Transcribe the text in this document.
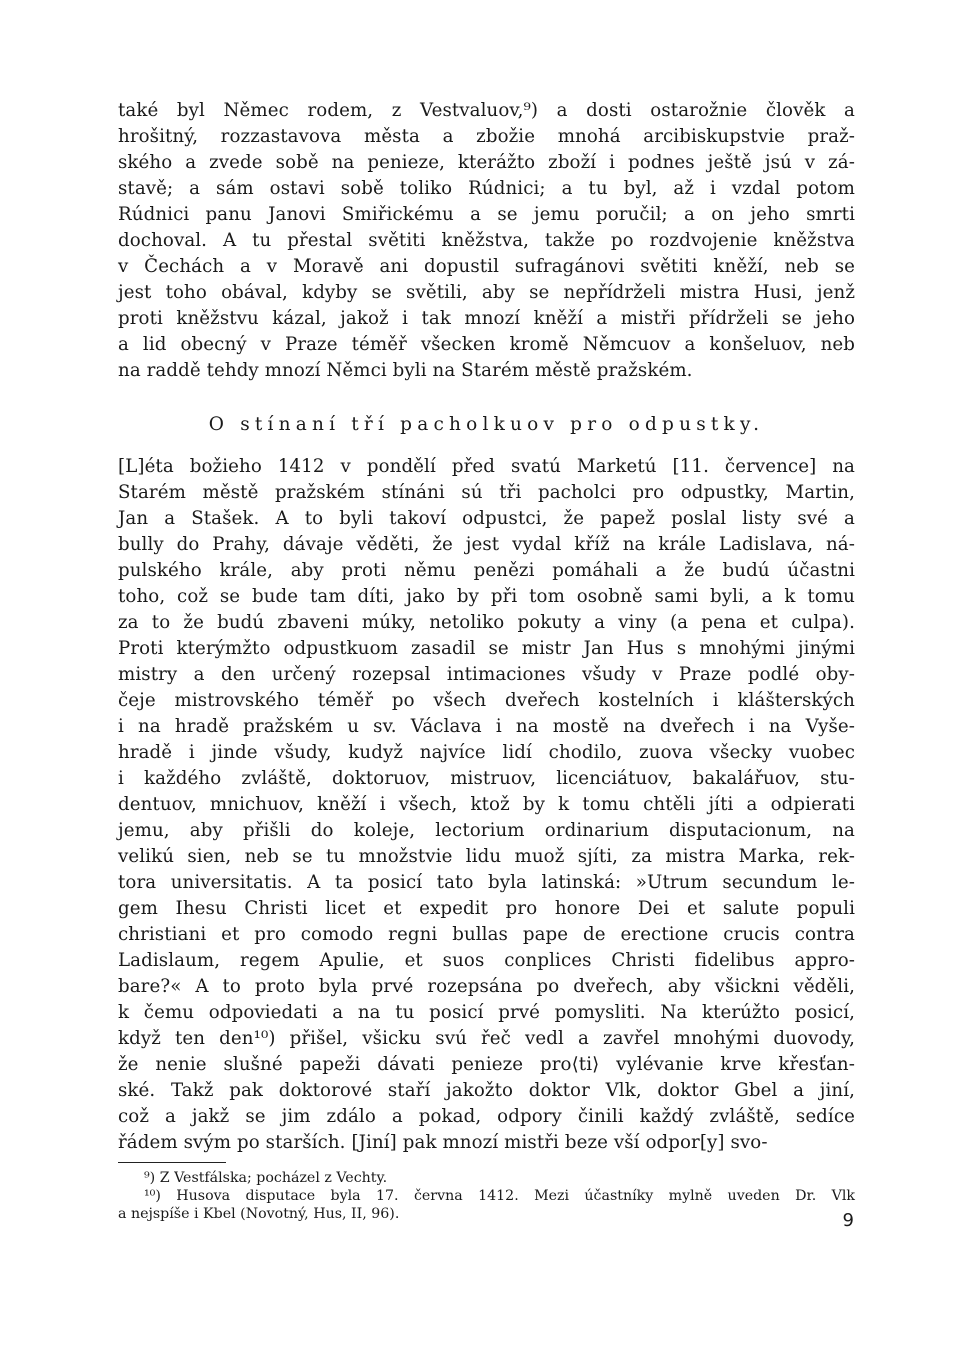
také byl Němec rodem, z Vestvaluov,⁹) a dosti ostarožnie člověk a
hrošitný, rozzastavova města a zbožie mnohá arcibiskupstvie praž-
ského a zvede sobě na penieze, kterážto zboží i podnes ještě jsú v zá-
stavě; a sám ostavi sobě toliko Rúdnici; a tu byl, až i vzdal potom
Rúdnici panu Janovi Smiřickému a se jemu poručil; a on jeho smrti
dochoval. A tu přestal světiti kněžstva, takže po rozdvojenie kněžstva
v Čechách a v Moravě ani dopustil sufragánovi světiti kněží, neb se
jest toho obával, kdyby se světili, aby se nepřídrželi mistra Husi, jenž
proti kněžstvu kázal, jakož i tak mnozí kněží a mistři přídrželi se jeho
a lid obecný v Praze téměř všecken kromě Němcuov a konšeluov, neb
na raddě tehdy mnozí Němci byli na Starém městě pražském.
O stínaní tří pacholkuov pro odpustky.
[L]éta božieho 1412 v pondělí před svatú Marketú [11. července] na
Starém městě pražském stínáni sú tři pacholci pro odpustky, Martin,
Jan a Stašek. A to byli takoví odpustci, že papež poslal listy své a
bully do Prahy, dávaje věděti, že jest vydal kříž na krále Ladislava, ná-
pulského krále, aby proti němu penězi pomáhali a že budú účastni
toho, což se bude tam díti, jako by při tom osobně sami byli, a k tomu
za to že budú zbaveni múky, netoliko pokuty a viny (a pena et culpa).
Proti kterýmžto odpustkuom zasadil se mistr Jan Hus s mnohými jinými
mistry a den určený rozepsal intimaciones všudy v Praze podlé oby-
čeje mistrovského téměř po všech dveřech kostelních i klášterských
i na hradě pražském u sv. Václava i na mostě na dveřech i na Vyše-
hradě i jinde všudy, kudyž najvíce lidí chodilo, zuova všecky vuobec
i každého zvláště, doktoruov, mistruov, licenciátuov, bakalářuov, stu-
dentuov, mnichuov, kněží i všech, ktož by k tomu chtěli jíti a odpierati
jemu, aby přišli do koleje, lectorium ordinarium disputacionum, na
velikú sien, neb se tu množstvie lidu muož sjíti, za mistra Marka, rek-
tora universitatis. A ta posicí tato byla latinská: »Utrum secundum le-
gem Ihesu Christi licet et expedit pro honore Dei et salute populi
christiani et pro comodo regni bullas pape de erectione crucis contra
Ladislaum, regem Apulie, et suos conplices Christi fidelibus appro-
bare?« A to proto byla prvé rozepsána po dveřech, aby všickni věděli,
k čemu odpoviedati a na tu posicí prvé pomysliti. Na kterúžto posicí,
když ten den¹⁰) přišel, všicku svú řeč vedl a zavřel mnohými duovody,
že nenie slušné papeži dávati penieze pro⟨ti⟩ vylévanie krve křesťan-
ské. Takž pak doktorové staří jakožto doktor Vlk, doktor Gbel a jiní,
což a jakž se jim zdálo a pokad, odpory činili každý zvláště, sedíce
řádem svým po starších. [Jiní] pak mnozí mistři beze vší odpor[y] svo-
⁹) Z Vestfálska; pocházel z Vechty.
¹⁰) Husova disputace byla 17. června 1412. Mezi účastníky mylně uveden Dr. Vlk
a nejspíše i Kbel (Novotný, Hus, II, 96).	9
